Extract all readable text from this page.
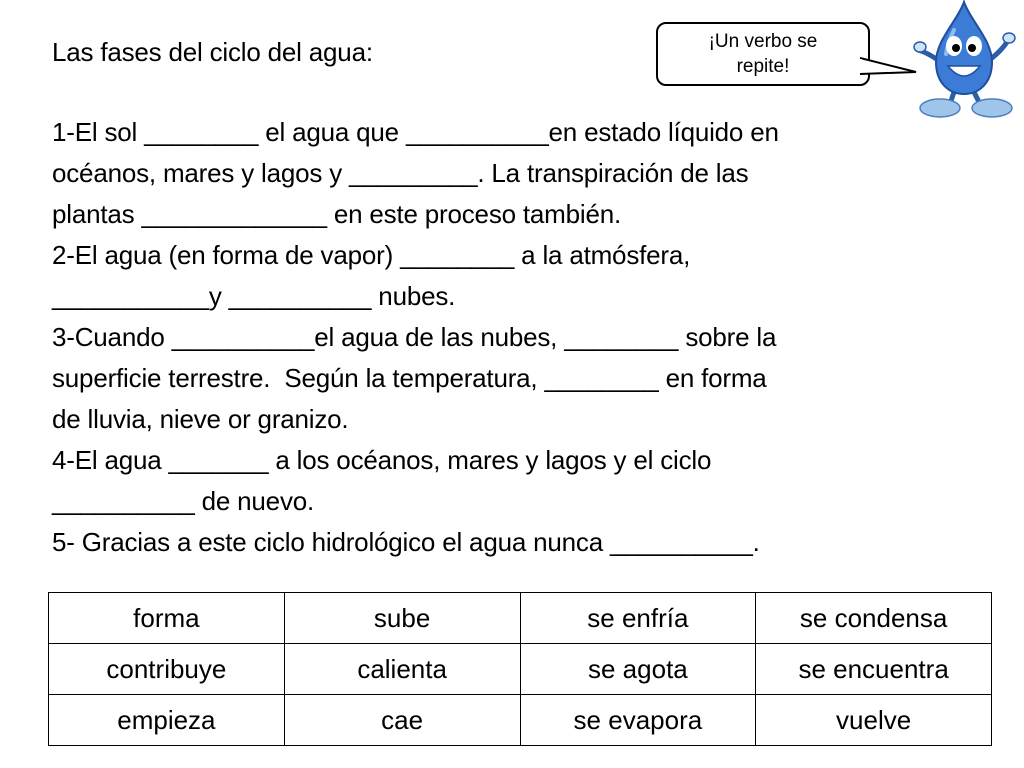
Las fases del ciclo del agua:	¡Un verbo se
repite!
1-El sol ________ el agua que __________en estado líquido en
océanos, mares y lagos y _________. La transpiración de las
plantas _____________ en este proceso también.
2-El agua (en forma de vapor) ________ a la atmósfera,
___________y __________ nubes.
3-Cuando __________el agua de las nubes, ________ sobre la
superficie terrestre.  Según la temperatura, ________ en forma
de lluvia, nieve or granizo.
4-El agua _______ a los océanos, mares y lagos y el ciclo
__________ de nuevo.
5- Gracias a este ciclo hidrológico el agua nunca __________.
forma	sube	se enfría	se condensa
contribuye	calienta	se agota	se encuentra
empieza	cae	se evapora	vuelve
